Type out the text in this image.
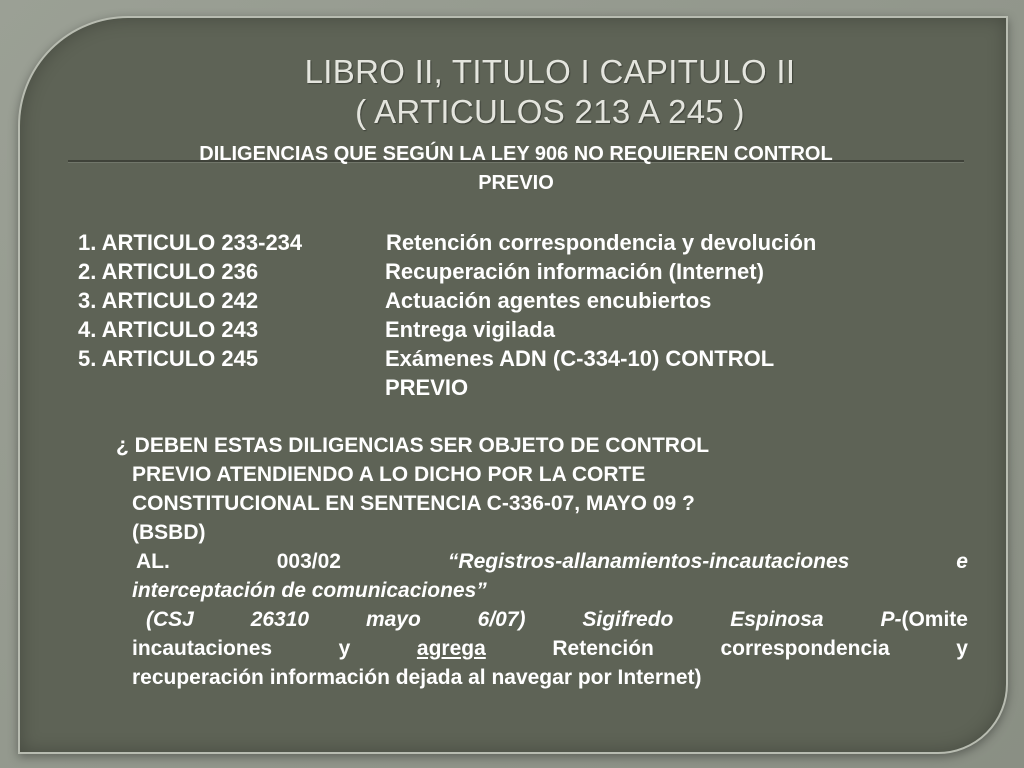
LIBRO II, TITULO I CAPITULO II
( ARTICULOS 213 A 245 )
DILIGENCIAS QUE SEGÚN LA LEY 906 NO REQUIEREN CONTROL
PREVIO
1. ARTICULO 233-234	Retención correspondencia y devolución
2. ARTICULO 236	Recuperación información (Internet)
3. ARTICULO 242	Actuación agentes encubiertos
4. ARTICULO 243	Entrega vigilada
5. ARTICULO 245	Exámenes ADN (C-334-10) CONTROL
PREVIO
¿ DEBEN ESTAS DILIGENCIAS SER OBJETO DE CONTROL
PREVIO ATENDIENDO A LO DICHO POR LA CORTE
CONSTITUCIONAL EN SENTENCIA C-336-07, MAYO 09 ?
(BSBD)
AL.	003/02	“Registros-allanamientos-incautaciones	e
interceptación de comunicaciones”
(CSJ	26310	mayo	6/07)	Sigifredo	Espinosa	P-(Omite
incautaciones	y	agrega	Retención	correspondencia	y
recuperación información dejada al navegar por Internet)
